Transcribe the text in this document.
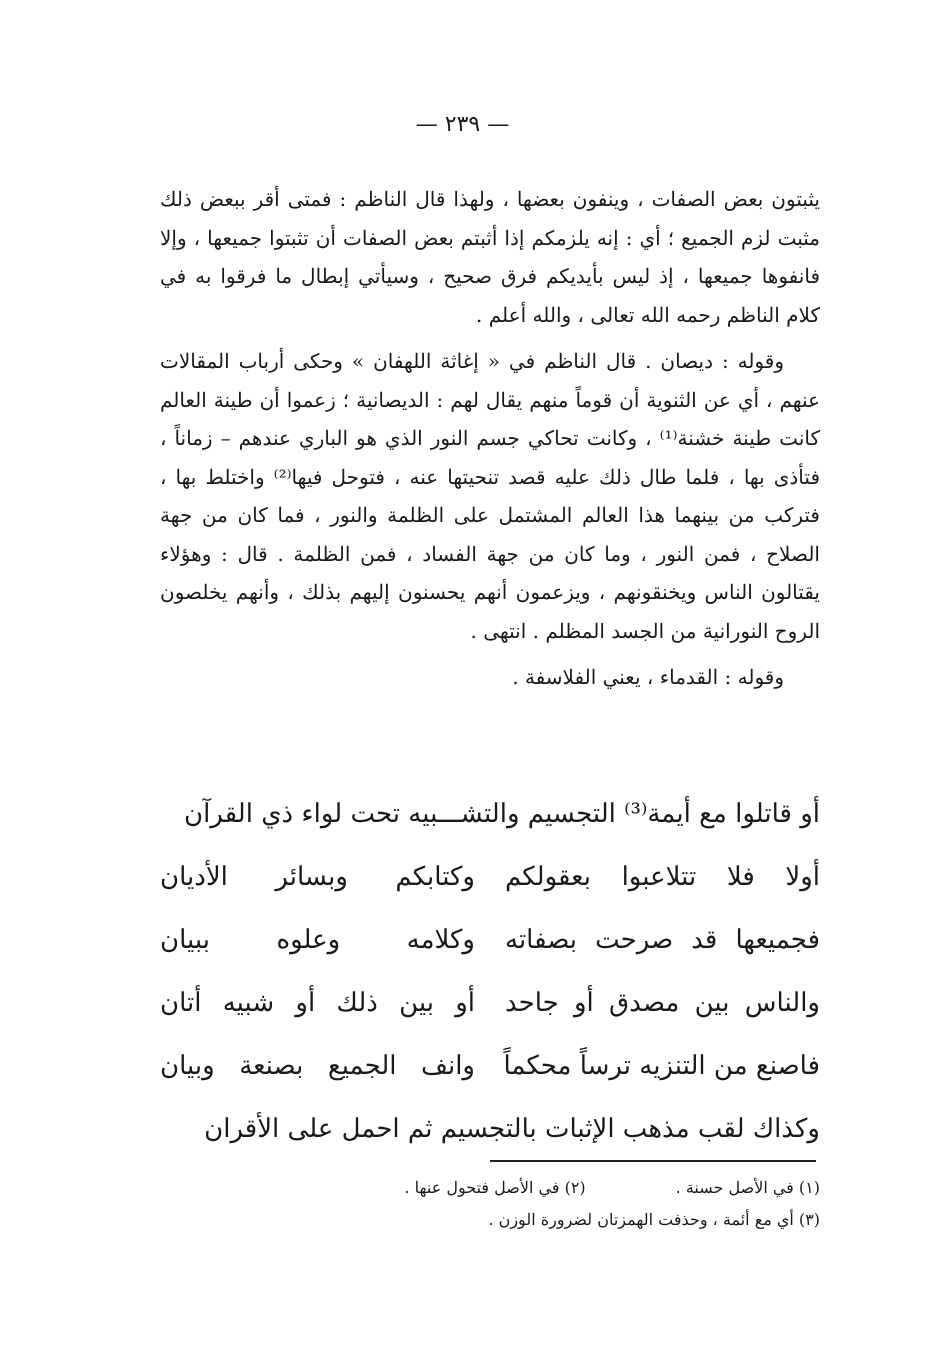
— ٢٣٩ —

يثبتون بعض الصفات ، وينفون بعضها ، ولهذا قال الناظم : فمتى أقر ببعض ذلك مثبت لزم الجميع ؛ أي : إنه يلزمكم إذا أثبتم بعض الصفات أن تثبتوا جميعها ، وإلا فانفوها جميعها ، إذ ليس بأيديكم فرق صحيح ، وسيأتي إبطال ما فرقوا به في كلام الناظم رحمه الله تعالى ، والله أعلم .

وقوله : ديصان . قال الناظم في « إغاثة اللهفان » وحكى أرباب المقالات عنهم ، أي عن الثنوية أن قوماً منهم يقال لهم : الديصانية ؛ زعموا أن طينة العالم كانت طينة خشنة⁽¹⁾ ، وكانت تحاكي جسم النور الذي هو الباري عندهم – زماناً ، فتأذى بها ، فلما طال ذلك عليه قصد تنحيتها عنه ، فتوحل فيها⁽²⁾ واختلط بها ، فتركب من بينهما هذا العالم المشتمل على الظلمة والنور ، فما كان من جهة الصلاح ، فمن النور ، وما كان من جهة الفساد ، فمن الظلمة . قال : وهؤلاء يقتالون الناس ويخنقونهم ، ويزعمون أنهم يحسنون إليهم بذلك ، وأنهم يخلصون الروح النورانية من الجسد المظلم . انتهى .

وقوله : القدماء ، يعني الفلاسفة .

أو قاتلوا مع أيمة⁽³⁾ التجسيم والتشـــبيه تحت لواء ذي القرآن
أولا فلا تتلاعبوا بعقولكم
وكتابكم وبسائر الأديان
فجميعها قد صرحت بصفاته
وكلامه وعلوه ببيان
والناس بين مصدق أو جاحد
أو بين ذلك أو شبيه أتان
فاصنع من التنزيه ترساً محكماً
وانف الجميع بصنعة وبيان
وكذاك لقب مذهب الإثبات بالتجسيم ثم احمل على الأقران
(١) في الأصل حسنة .
(٢) في الأصل فتحول عنها .
(٣) أي مع أئمة ، وحذفت الهمزتان لضرورة الوزن .
